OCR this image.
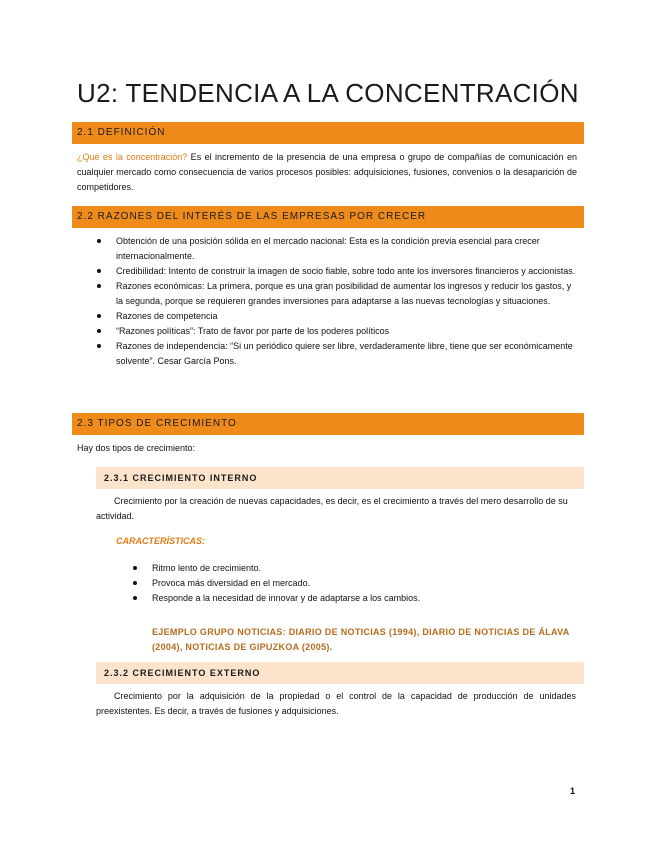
U2: TENDENCIA A LA CONCENTRACIÓN
2.1 DEFINICIÓN
¿Qué es la concentración? Es el incremento de la presencia de una empresa o grupo de compañías de comunicación en cualquier mercado como consecuencia de varios procesos posibles: adquisiciones, fusiones, convenios o la desaparición de competidores.
2.2 RAZONES DEL INTERÉS DE LAS EMPRESAS POR CRECER
Obtención de una posición sólida en el mercado nacional: Esta es la condición previa esencial para crecer internacionalmente.
Credibilidad: Intento de construir la imagen de socio fiable, sobre todo ante los inversores financieros y accionistas.
Razones económicas: La primera, porque es una gran posibilidad de aumentar los ingresos y reducir los gastos, y la segunda, porque se requieren grandes inversiones para adaptarse a las nuevas tecnologías y situaciones.
Razones de competencia
“Razones políticas”: Trato de favor por parte de los poderes políticos
Razones de independencia: “Si un periódico quiere ser libre, verdaderamente libre, tiene que ser económicamente solvente”. Cesar García Pons.
2.3 TIPOS DE CRECIMIENTO
Hay dos tipos de crecimiento:
2.3.1 CRECIMIENTO INTERNO
Crecimiento por la creación de nuevas capacidades, es decir, es el crecimiento a través del mero desarrollo de su actividad.
CARACTERÍSTICAS:
Ritmo lento de crecimiento.
Provoca más diversidad en el mercado.
Responde a la necesidad de innovar y de adaptarse a los cambios.
EJEMPLO GRUPO NOTICIAS: DIARIO DE NOTICIAS (1994), DIARIO DE NOTICIAS DE ÁLAVA (2004), NOTICIAS DE GIPUZKOA (2005).
2.3.2 CRECIMIENTO EXTERNO
Crecimiento por la adquisición de la propiedad o el control de la capacidad de producción de unidades preexistentes. Es decir, a través de fusiones y adquisiciones.
1
